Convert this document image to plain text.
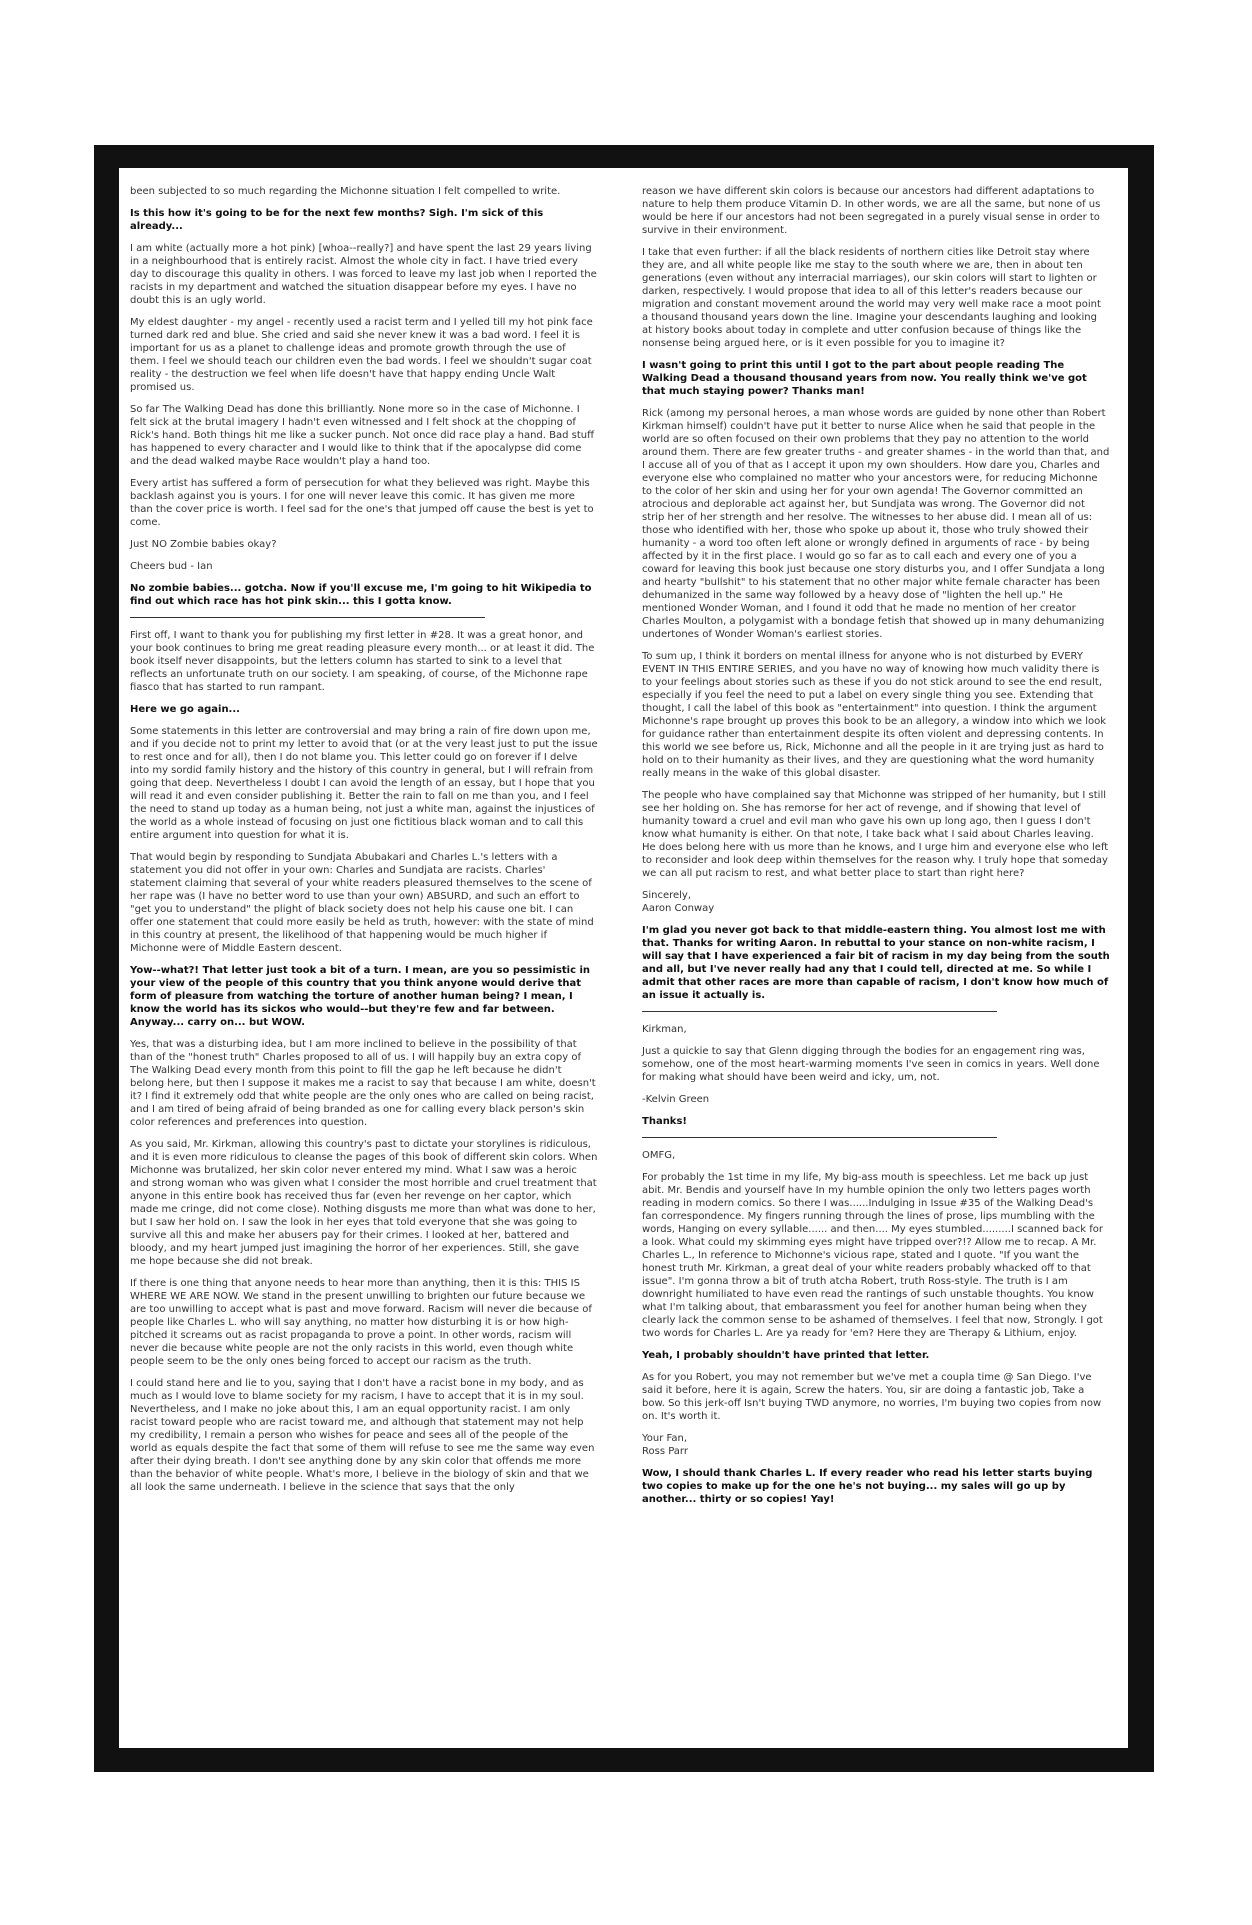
been subjected to so much regarding the Michonne situation I felt compelled to write.

Is this how it's going to be for the next few months? Sigh. I'm sick of this already...

I am white (actually more a hot pink) [whoa--really?] and have spent the last 29 years living in a neighbourhood that is entirely racist. Almost the whole city in fact. I have tried every day to discourage this quality in others. I was forced to leave my last job when I reported the racists in my department and watched the situation disappear before my eyes. I have no doubt this is an ugly world.

My eldest daughter - my angel - recently used a racist term and I yelled till my hot pink face turned dark red and blue. She cried and said she never knew it was a bad word. I feel it is important for us as a planet to challenge ideas and promote growth through the use of them. I feel we should teach our children even the bad words. I feel we shouldn't sugar coat reality - the destruction we feel when life doesn't have that happy ending Uncle Walt promised us.

So far The Walking Dead has done this brilliantly. None more so in the case of Michonne. I felt sick at the brutal imagery I hadn't even witnessed and I felt shock at the chopping of Rick's hand. Both things hit me like a sucker punch. Not once did race play a hand. Bad stuff has happened to every character and I would like to think that if the apocalypse did come and the dead walked maybe Race wouldn't play a hand too.

Every artist has suffered a form of persecution for what they believed was right. Maybe this backlash against you is yours. I for one will never leave this comic. It has given me more than the cover price is worth. I feel sad for the one's that jumped off cause the best is yet to come.

Just NO Zombie babies okay?

Cheers bud - Ian

No zombie babies... gotcha. Now if you'll excuse me, I'm going to hit Wikipedia to find out which race has hot pink skin... this I gotta know.

First off, I want to thank you for publishing my first letter in #28. It was a great honor, and your book continues to bring me great reading pleasure every month... or at least it did. The book itself never disappoints, but the letters column has started to sink to a level that reflects an unfortunate truth on our society. I am speaking, of course, of the Michonne rape fiasco that has started to run rampant.

Here we go again...

Some statements in this letter are controversial and may bring a rain of fire down upon me, and if you decide not to print my letter to avoid that (or at the very least just to put the issue to rest once and for all), then I do not blame you. This letter could go on forever if I delve into my sordid family history and the history of this country in general, but I will refrain from going that deep. Nevertheless I doubt I can avoid the length of an essay, but I hope that you will read it and even consider publishing it. Better the rain to fall on me than you, and I feel the need to stand up today as a human being, not just a white man, against the injustices of the world as a whole instead of focusing on just one fictitious black woman and to call this entire argument into question for what it is.

That would begin by responding to Sundjata Abubakari and Charles L.'s letters with a statement you did not offer in your own: Charles and Sundjata are racists. Charles' statement claiming that several of your white readers pleasured themselves to the scene of her rape was (I have no better word to use than your own) ABSURD, and such an effort to "get you to understand" the plight of black society does not help his cause one bit. I can offer one statement that could more easily be held as truth, however: with the state of mind in this country at present, the likelihood of that happening would be much higher if Michonne were of Middle Eastern descent.

Yow--what?! That letter just took a bit of a turn. I mean, are you so pessimistic in your view of the people of this country that you think anyone would derive that form of pleasure from watching the torture of another human being? I mean, I know the world has its sickos who would--but they're few and far between. Anyway... carry on... but WOW.

Yes, that was a disturbing idea, but I am more inclined to believe in the possibility of that than of the "honest truth" Charles proposed to all of us. I will happily buy an extra copy of The Walking Dead every month from this point to fill the gap he left because he didn't belong here, but then I suppose it makes me a racist to say that because I am white, doesn't it? I find it extremely odd that white people are the only ones who are called on being racist, and I am tired of being afraid of being branded as one for calling every black person's skin color references and preferences into question.

As you said, Mr. Kirkman, allowing this country's past to dictate your storylines is ridiculous, and it is even more ridiculous to cleanse the pages of this book of different skin colors. When Michonne was brutalized, her skin color never entered my mind. What I saw was a heroic and strong woman who was given what I consider the most horrible and cruel treatment that anyone in this entire book has received thus far (even her revenge on her captor, which made me cringe, did not come close). Nothing disgusts me more than what was done to her, but I saw her hold on. I saw the look in her eyes that told everyone that she was going to survive all this and make her abusers pay for their crimes. I looked at her, battered and bloody, and my heart jumped just imagining the horror of her experiences. Still, she gave me hope because she did not break.

If there is one thing that anyone needs to hear more than anything, then it is this: THIS IS WHERE WE ARE NOW. We stand in the present unwilling to brighten our future because we are too unwilling to accept what is past and move forward. Racism will never die because of people like Charles L. who will say anything, no matter how disturbing it is or how high-pitched it screams out as racist propaganda to prove a point. In other words, racism will never die because white people are not the only racists in this world, even though white people seem to be the only ones being forced to accept our racism as the truth.

I could stand here and lie to you, saying that I don't have a racist bone in my body, and as much as I would love to blame society for my racism, I have to accept that it is in my soul. Nevertheless, and I make no joke about this, I am an equal opportunity racist. I am only racist toward people who are racist toward me, and although that statement may not help my credibility, I remain a person who wishes for peace and sees all of the people of the world as equals despite the fact that some of them will refuse to see me the same way even after their dying breath. I don't see anything done by any skin color that offends me more than the behavior of white people. What's more, I believe in the biology of skin and that we all look the same underneath. I believe in the science that says that the only

reason we have different skin colors is because our ancestors had different adaptations to nature to help them produce Vitamin D. In other words, we are all the same, but none of us would be here if our ancestors had not been segregated in a purely visual sense in order to survive in their environment.

I take that even further: if all the black residents of northern cities like Detroit stay where they are, and all white people like me stay to the south where we are, then in about ten generations (even without any interracial marriages), our skin colors will start to lighten or darken, respectively. I would propose that idea to all of this letter's readers because our migration and constant movement around the world may very well make race a moot point a thousand thousand years down the line. Imagine your descendants laughing and looking at history books about today in complete and utter confusion because of things like the nonsense being argued here, or is it even possible for you to imagine it?

I wasn't going to print this until I got to the part about people reading The Walking Dead a thousand thousand years from now. You really think we've got that much staying power? Thanks man!

Rick (among my personal heroes, a man whose words are guided by none other than Robert Kirkman himself) couldn't have put it better to nurse Alice when he said that people in the world are so often focused on their own problems that they pay no attention to the world around them. There are few greater truths - and greater shames - in the world than that, and I accuse all of you of that as I accept it upon my own shoulders. How dare you, Charles and everyone else who complained no matter who your ancestors were, for reducing Michonne to the color of her skin and using her for your own agenda! The Governor committed an atrocious and deplorable act against her, but Sundjata was wrong. The Governor did not strip her of her strength and her resolve. The witnesses to her abuse did. I mean all of us: those who identified with her, those who spoke up about it, those who truly showed their humanity - a word too often left alone or wrongly defined in arguments of race - by being affected by it in the first place. I would go so far as to call each and every one of you a coward for leaving this book just because one story disturbs you, and I offer Sundjata a long and hearty "bullshit" to his statement that no other major white female character has been dehumanized in the same way followed by a heavy dose of "lighten the hell up." He mentioned Wonder Woman, and I found it odd that he made no mention of her creator Charles Moulton, a polygamist with a bondage fetish that showed up in many dehumanizing undertones of Wonder Woman's earliest stories.

To sum up, I think it borders on mental illness for anyone who is not disturbed by EVERY EVENT IN THIS ENTIRE SERIES, and you have no way of knowing how much validity there is to your feelings about stories such as these if you do not stick around to see the end result, especially if you feel the need to put a label on every single thing you see. Extending that thought, I call the label of this book as "entertainment" into question. I think the argument Michonne's rape brought up proves this book to be an allegory, a window into which we look for guidance rather than entertainment despite its often violent and depressing contents. In this world we see before us, Rick, Michonne and all the people in it are trying just as hard to hold on to their humanity as their lives, and they are questioning what the word humanity really means in the wake of this global disaster.

The people who have complained say that Michonne was stripped of her humanity, but I still see her holding on. She has remorse for her act of revenge, and if showing that level of humanity toward a cruel and evil man who gave his own up long ago, then I guess I don't know what humanity is either. On that note, I take back what I said about Charles leaving. He does belong here with us more than he knows, and I urge him and everyone else who left to reconsider and look deep within themselves for the reason why. I truly hope that someday we can all put racism to rest, and what better place to start than right here?

Sincerely,
Aaron Conway

I'm glad you never got back to that middle-eastern thing. You almost lost me with that. Thanks for writing Aaron. In rebuttal to your stance on non-white racism, I will say that I have experienced a fair bit of racism in my day being from the south and all, but I've never really had any that I could tell, directed at me. So while I admit that other races are more than capable of racism, I don't know how much of an issue it actually is.

Kirkman,

Just a quickie to say that Glenn digging through the bodies for an engagement ring was, somehow, one of the most heart-warming moments I've seen in comics in years. Well done for making what should have been weird and icky, um, not.

-Kelvin Green

Thanks!

OMFG,

For probably the 1st time in my life, My big-ass mouth is speechless. Let me back up just abit. Mr. Bendis and yourself have In my humble opinion the only two letters pages worth reading in modern comics. So there I was......Indulging in Issue #35 of the Walking Dead's fan correspondence. My fingers running through the lines of prose, lips mumbling with the words, Hanging on every syllable...... and then.... My eyes stumbled.........I scanned back for a look. What could my skimming eyes might have tripped over?!? Allow me to recap. A Mr. Charles L., In reference to Michonne's vicious rape, stated and I quote. "If you want the honest truth Mr. Kirkman, a great deal of your white readers probably whacked off to that issue". I'm gonna throw a bit of truth atcha Robert, truth Ross-style. The truth is I am downright humiliated to have even read the rantings of such unstable thoughts. You know what I'm talking about, that embarassment you feel for another human being when they clearly lack the common sense to be ashamed of themselves. I feel that now, Strongly. I got two words for Charles L. Are ya ready for 'em? Here they are Therapy & Lithium, enjoy.

Yeah, I probably shouldn't have printed that letter.

As for you Robert, you may not remember but we've met a coupla time @ San Diego. I've said it before, here it is again, Screw the haters. You, sir are doing a fantastic job, Take a bow. So this jerk-off Isn't buying TWD anymore, no worries, I'm buying two copies from now on. It's worth it.

Your Fan,
Ross Parr

Wow, I should thank Charles L. If every reader who read his letter starts buying two copies to make up for the one he's not buying... my sales will go up by another... thirty or so copies! Yay!
